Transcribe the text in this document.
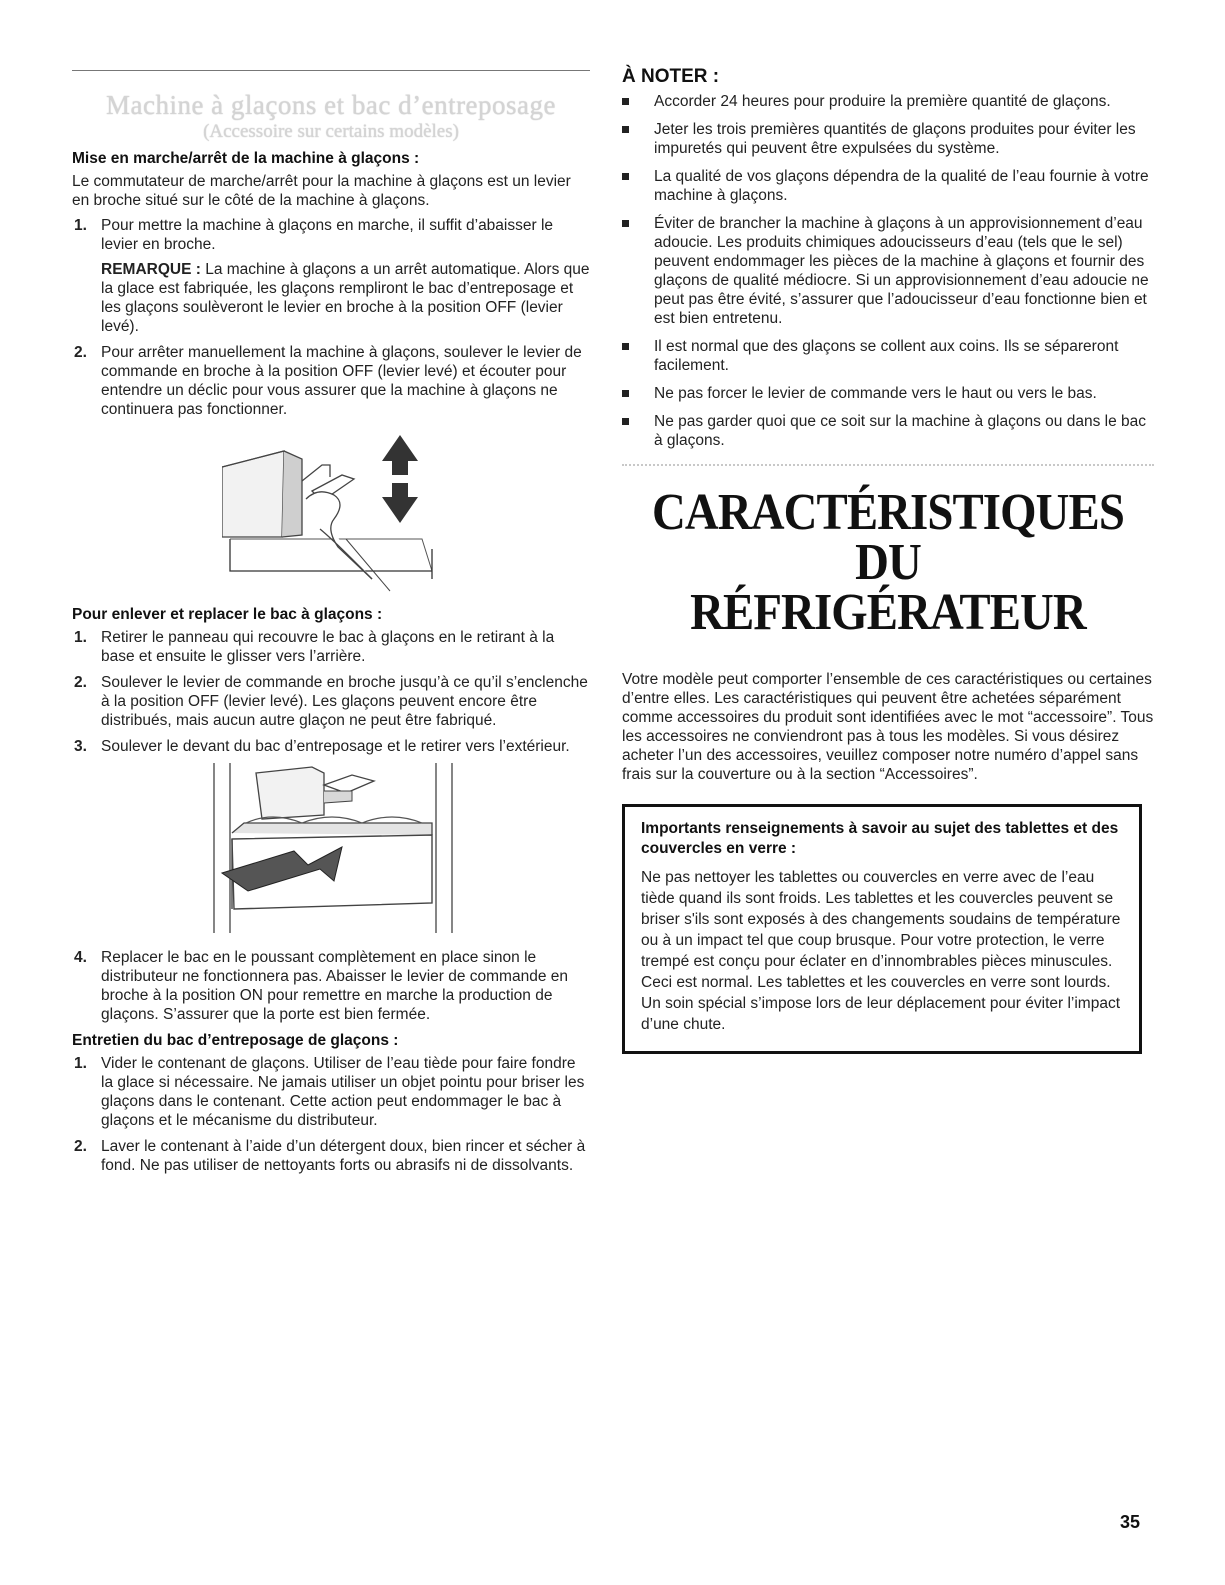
Machine à glaçons et bac d’entreposage
(Accessoire sur certains modèles)
Mise en marche/arrêt de la machine à glaçons :

Le commutateur de marche/arrêt pour la machine à glaçons est un levier en broche situé sur le côté de la machine à glaçons.

1. Pour mettre la machine à glaçons en marche, il suffit d’abaisser le levier en broche.
REMARQUE : La machine à glaçons a un arrêt automatique. Alors que la glace est fabriquée, les glaçons rempliront le bac d’entreposage et les glaçons soulèveront le levier en broche à la position OFF (levier levé).
2. Pour arrêter manuellement la machine à glaçons, soulever le levier de commande en broche à la position OFF (levier levé) et écouter pour entendre un déclic pour vous assurer que la machine à glaçons ne continuera pas fonctionner.
Pour enlever et replacer le bac à glaçons :
1. Retirer le panneau qui recouvre le bac à glaçons en le retirant à la base et ensuite le glisser vers l’arrière.
2. Soulever le levier de commande en broche jusqu’à ce qu’il s’enclenche à la position OFF (levier levé). Les glaçons peuvent encore être distribués, mais aucun autre glaçon ne peut être fabriqué.
3. Soulever le devant du bac d’entreposage et le retirer vers l’extérieur.
4. Replacer le bac en le poussant complètement en place sinon le distributeur ne fonctionnera pas. Abaisser le levier de commande en broche à la position ON pour remettre en marche la production de glaçons. S’assurer que la porte est bien fermée.
Entretien du bac d’entreposage de glaçons :
1. Vider le contenant de glaçons. Utiliser de l’eau tiède pour faire fondre la glace si nécessaire. Ne jamais utiliser un objet pointu pour briser les glaçons dans le contenant. Cette action peut endommager le bac à glaçons et le mécanisme du distributeur.
2. Laver le contenant à l’aide d’un détergent doux, bien rincer et sécher à fond. Ne pas utiliser de nettoyants forts ou abrasifs ni de dissolvants.
À NOTER :
Accorder 24 heures pour produire la première quantité de glaçons.
Jeter les trois premières quantités de glaçons produites pour éviter les impuretés qui peuvent être expulsées du système.
La qualité de vos glaçons dépendra de la qualité de l’eau fournie à votre machine à glaçons.
Éviter de brancher la machine à glaçons à un approvisionnement d’eau adoucie. Les produits chimiques adoucisseurs d’eau (tels que le sel) peuvent endommager les pièces de la machine à glaçons et fournir des glaçons de qualité médiocre. Si un approvisionnement d’eau adoucie ne peut pas être évité, s’assurer que l’adoucisseur d’eau fonctionne bien et est bien entretenu.
Il est normal que des glaçons se collent aux coins. Ils se sépareront facilement.
Ne pas forcer le levier de commande vers le haut ou vers le bas.
Ne pas garder quoi que ce soit sur la machine à glaçons ou dans le bac à glaçons.
CARACTÉRISTIQUES DU
RÉFRIGÉRATEUR

Votre modèle peut comporter l’ensemble de ces caractéristiques ou certaines d’entre elles. Les caractéristiques qui peuvent être achetées séparément comme accessoires du produit sont identifiées avec le mot “accessoire”. Tous les accessoires ne conviendront pas à tous les modèles. Si vous désirez acheter l’un des accessoires, veuillez composer notre numéro d’appel sans frais sur la couverture ou à la section “Accessoires”.

Importants renseignements à savoir au sujet des tablettes et des couvercles en verre :

Ne pas nettoyer les tablettes ou couvercles en verre avec de l’eau tiède quand ils sont froids. Les tablettes et les couvercles peuvent se briser s'ils sont exposés à des changements soudains de température ou à un impact tel que coup brusque. Pour votre protection, le verre trempé est conçu pour éclater en d’innombrables pièces minuscules. Ceci est normal. Les tablettes et les couvercles en verre sont lourds. Un soin spécial s’impose lors de leur déplacement pour éviter l’impact d’une chute.

35
